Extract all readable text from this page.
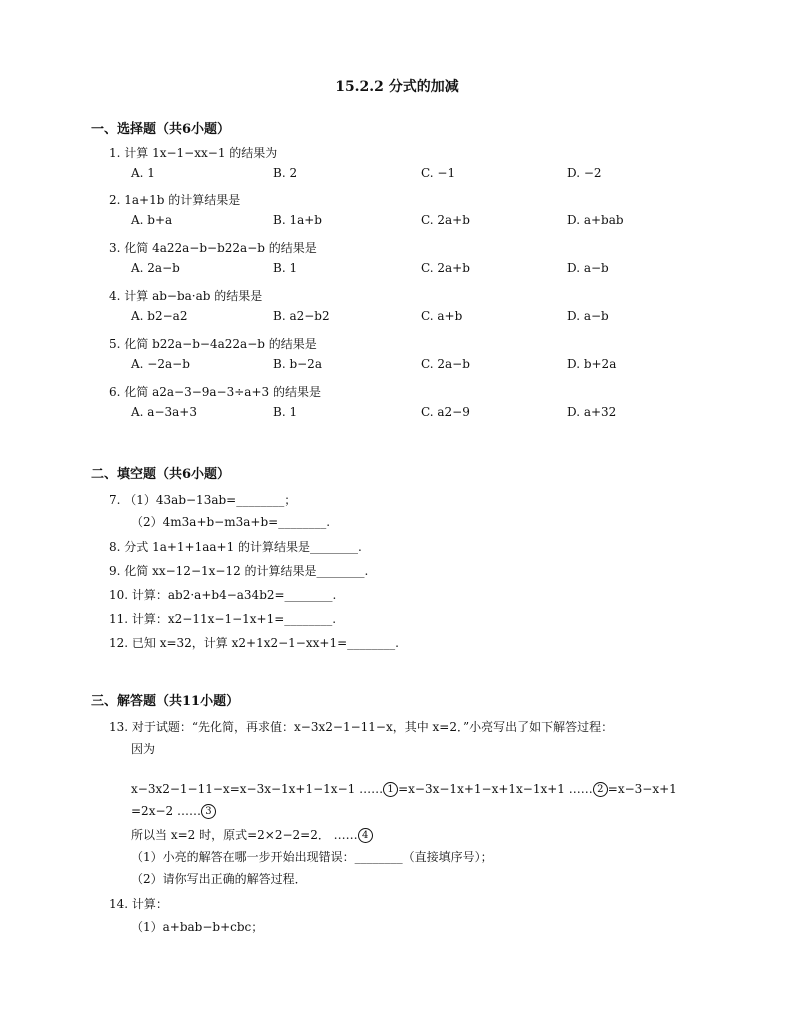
15.2.2 分式的加减
一、选择题（共6小题）
1. 计算 1x−1−xx−1 的结果为
A. 1	B. 2	C. −1	D. −2
2. 1a+1b 的计算结果是
A. b+a	B. 1a+b	C. 2a+b	D. a+bab
3. 化简 4a22a−b−b22a−b 的结果是
A. 2a−b	B. 1	C. 2a+b	D. a−b
4. 计算 ab−ba·ab 的结果是
A. b2−a2	B. a2−b2	C. a+b	D. a−b
5. 化简 b22a−b−4a22a−b 的结果是
A. −2a−b	B. b−2a	C. 2a−b	D. b+2a
6. 化简 a2a−3−9a−3÷a+3 的结果是
A. a−3a+3	B. 1	C. a2−9	D. a+32
二、填空题（共6小题）
7. （1）43ab−13ab=________；
（2）4m3a+b−m3a+b=________.
8. 分式 1a+1+1aa+1 的计算结果是________.
9. 化简 xx−12−1x−12 的计算结果是________.
10. 计算：ab2·a+b4−a34b2=________.
11. 计算：x2−11x−1−1x+1=________.
12. 已知 x=32，计算 x2+1x2−1−xx+1=________.
三、解答题（共11小题）
13. 对于试题：“先化简，再求值：x−3x2−1−11−x，其中 x=2．”小亮写出了如下解答过程：
因为
x−3x2−1−11−x=x−3x−1x+1−1x−1 …… 1 =x−3x−1x+1−x+1x−1x+1 …… 2 =x−3−x+1
=2x−2 …… 3
所以当 x=2 时，原式=2×2−2=2． …… 4
（1）小亮的解答在哪一步开始出现错误：________（直接填序号）；
（2）请你写出正确的解答过程．
14. 计算：
（1）a+bab−b+cbc；
